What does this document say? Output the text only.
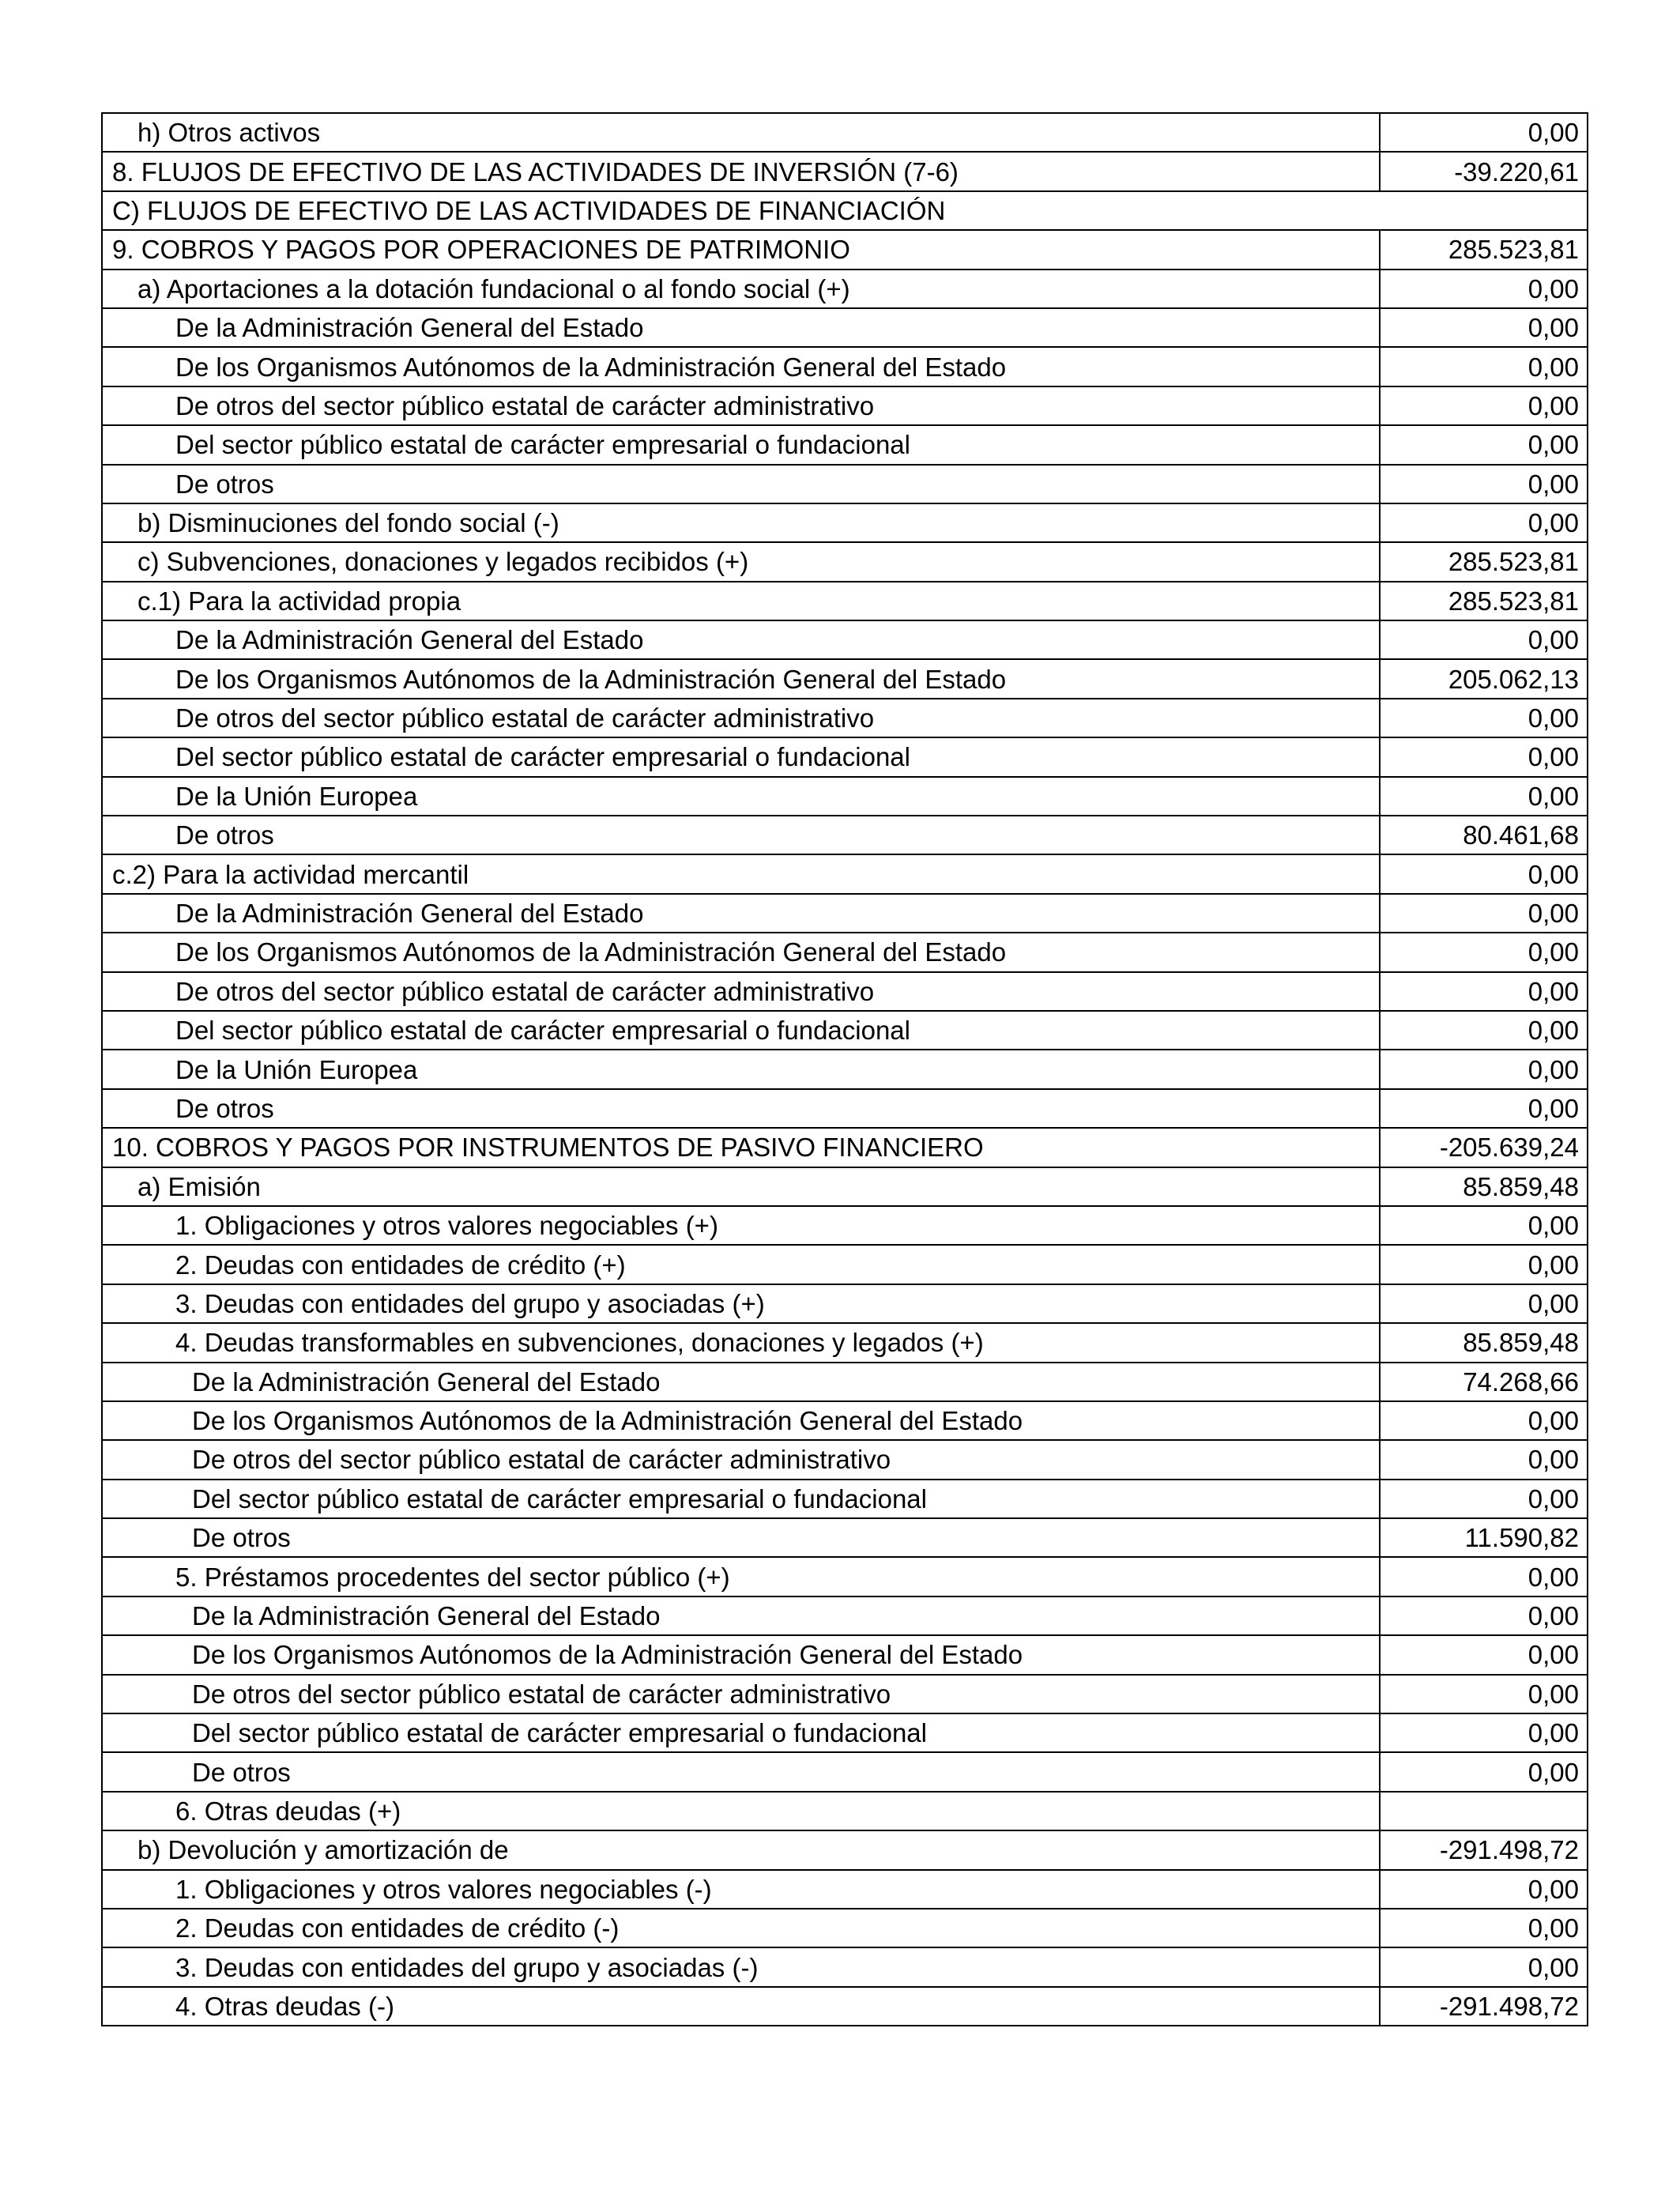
h) Otros activos	0,00
8. FLUJOS DE EFECTIVO DE LAS ACTIVIDADES DE INVERSIÓN (7-6)	-39.220,61
C) FLUJOS DE EFECTIVO DE LAS ACTIVIDADES DE FINANCIACIÓN	
9. COBROS Y PAGOS POR OPERACIONES DE PATRIMONIO	285.523,81
a) Aportaciones a la dotación fundacional o al fondo social (+)	0,00
De la Administración General del Estado	0,00
De los Organismos Autónomos de la Administración General del Estado	0,00
De otros del sector público estatal de carácter administrativo	0,00
Del sector público estatal de carácter empresarial o fundacional	0,00
De otros	0,00
b) Disminuciones del fondo social (-)	0,00
c) Subvenciones, donaciones y legados recibidos (+)	285.523,81
c.1) Para la actividad propia	285.523,81
De la Administración General del Estado	0,00
De los Organismos Autónomos de la Administración General del Estado	205.062,13
De otros del sector público estatal de carácter administrativo	0,00
Del sector público estatal de carácter empresarial o fundacional	0,00
De la Unión Europea	0,00
De otros	80.461,68
c.2) Para la actividad mercantil	0,00
De la Administración General del Estado	0,00
De los Organismos Autónomos de la Administración General del Estado	0,00
De otros del sector público estatal de carácter administrativo	0,00
Del sector público estatal de carácter empresarial o fundacional	0,00
De la Unión Europea	0,00
De otros	0,00
10. COBROS Y PAGOS POR INSTRUMENTOS DE PASIVO FINANCIERO	-205.639,24
a) Emisión	85.859,48
1. Obligaciones y otros valores negociables (+)	0,00
2. Deudas con entidades de crédito (+)	0,00
3. Deudas con entidades del grupo y asociadas (+)	0,00
4. Deudas transformables en subvenciones, donaciones y legados (+)	85.859,48
De la Administración General del Estado	74.268,66
De los Organismos Autónomos de la Administración General del Estado	0,00
De otros del sector público estatal de carácter administrativo	0,00
Del sector público estatal de carácter empresarial o fundacional	0,00
De otros	11.590,82
5. Préstamos procedentes del sector público (+)	0,00
De la Administración General del Estado	0,00
De los Organismos Autónomos de la Administración General del Estado	0,00
De otros del sector público estatal de carácter administrativo	0,00
Del sector público estatal de carácter empresarial o fundacional	0,00
De otros	0,00
6. Otras deudas (+)	
b) Devolución y amortización de	-291.498,72
1. Obligaciones y otros valores negociables (-)	0,00
2. Deudas con entidades de crédito (-)	0,00
3. Deudas con entidades del grupo y asociadas (-)	0,00
4. Otras deudas (-)	-291.498,72
